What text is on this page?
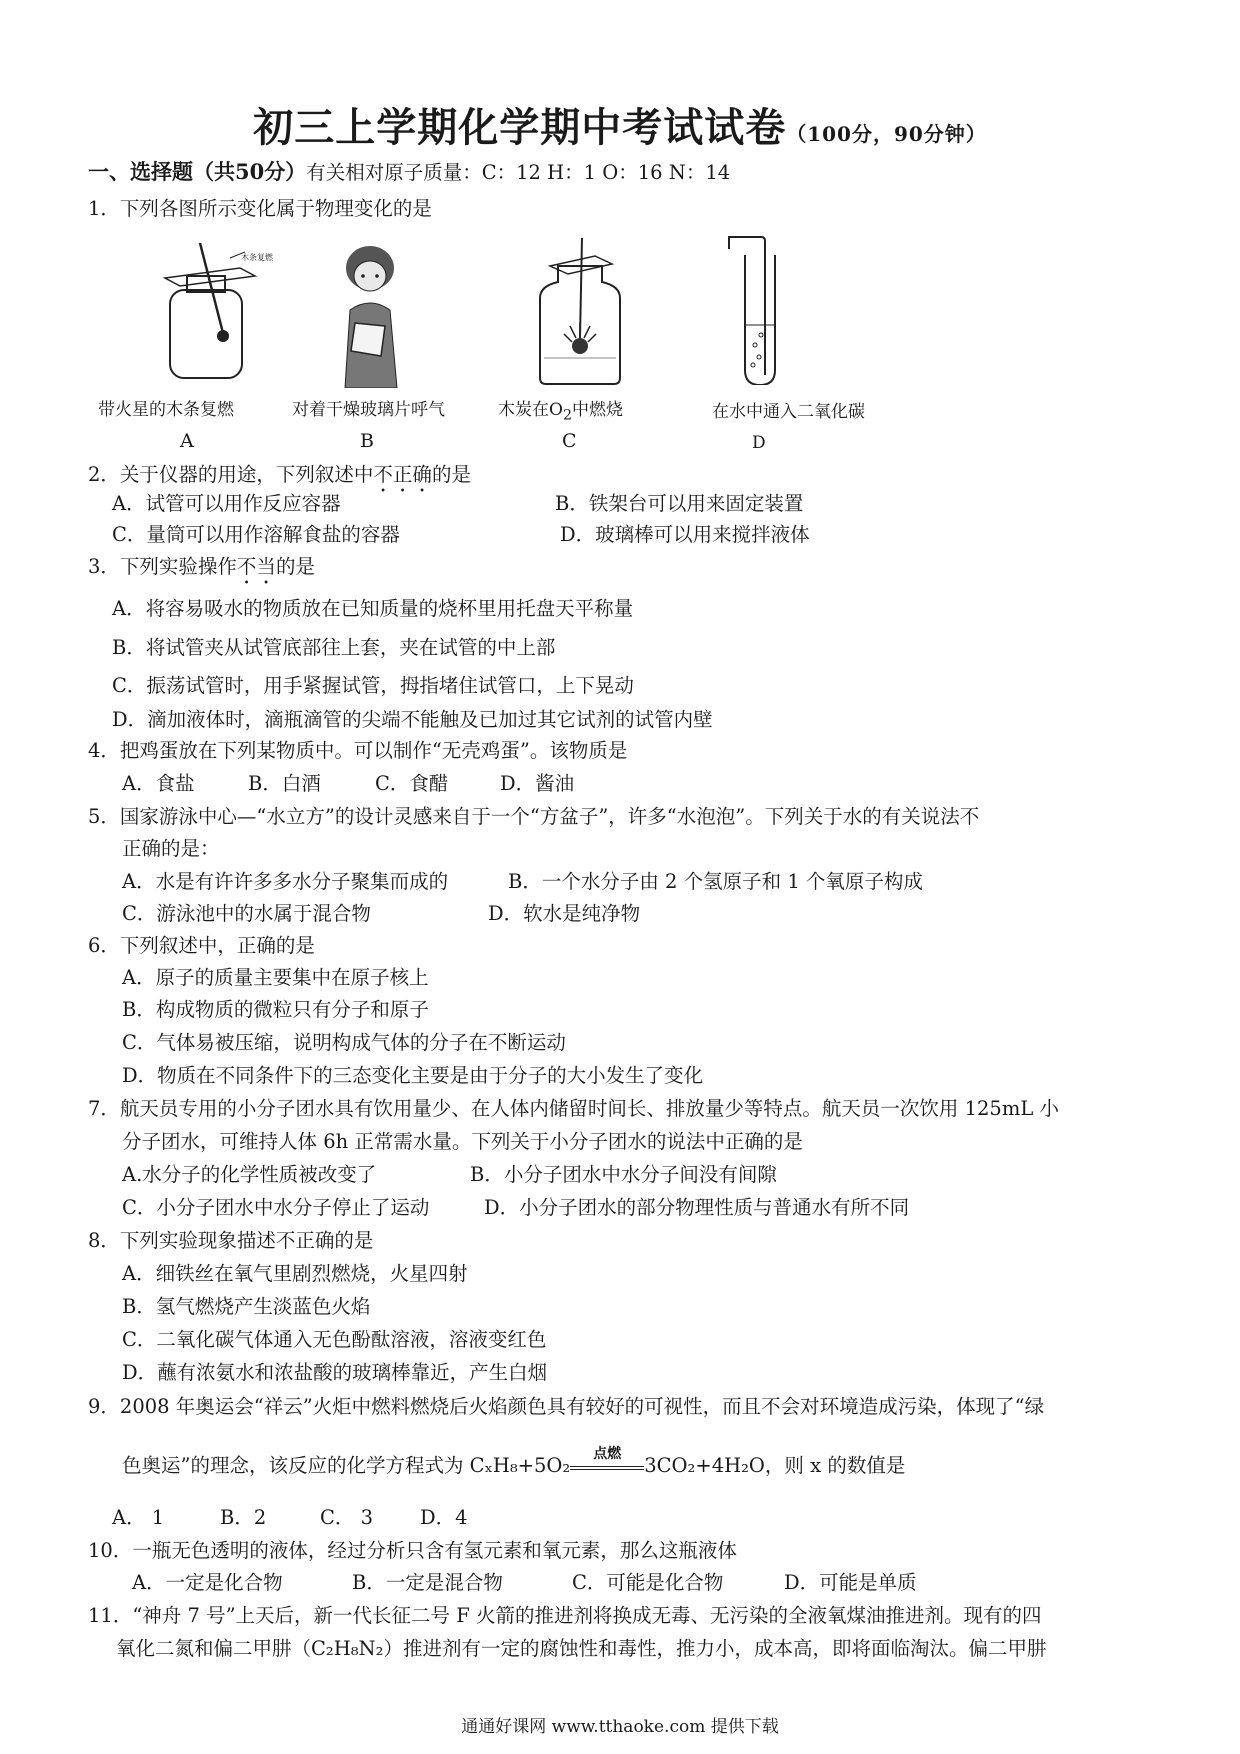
初三上学期化学期中考试试卷（100分，90分钟）
一、选择题（共50分）有关相对原子质量：C：12 H：1 O：16 N：14
1．下列各图所示变化属于物理变化的是
木条复燃
带火星的木条复燃
A
对着干燥玻璃片呼气
B
木炭在$O_2$中燃烧
C
在水中通入二氧化碳
D
2．关于仪器的用途，下列叙述中不正确的是
A．试管可以用作反应容器	B．铁架台可以用来固定装置
C．量筒可以用作溶解食盐的容器	D．玻璃棒可以用来搅拌液体
3．下列实验操作不当的是
A．将容易吸水的物质放在已知质量的烧杯里用托盘天平称量
B．将试管夹从试管底部往上套，夹在试管的中上部
C．振荡试管时，用手紧握试管，拇指堵住试管口，上下晃动
D．滴加液体时，滴瓶滴管的尖端不能触及已加过其它试剂的试管内壁
4．把鸡蛋放在下列某物质中。可以制作“无壳鸡蛋”。该物质是
A．食盐	B．白酒	C．食醋	D．酱油
5．国家游泳中心—“水立方”的设计灵感来自于一个“方盆子”，许多“水泡泡”。下列关于水的有关说法不
正确的是：
A．水是有许许多多水分子聚集而成的	B．一个水分子由 2 个氢原子和 1 个氧原子构成
C．游泳池中的水属于混合物	D．软水是纯净物
6．下列叙述中，正确的是
A．原子的质量主要集中在原子核上
B．构成物质的微粒只有分子和原子
C．气体易被压缩，说明构成气体的分子在不断运动
D．物质在不同条件下的三态变化主要是由于分子的大小发生了变化
7．航天员专用的小分子团水具有饮用量少、在人体内储留时间长、排放量少等特点。航天员一次饮用 125mL 小
分子团水，可维持人体 6h 正常需水量。下列关于小分子团水的说法中正确的是
A.水分子的化学性质被改变了	B．小分子团水中水分子间没有间隙
C．小分子团水中水分子停止了运动	D．小分子团水的部分物理性质与普通水有所不同
8．下列实验现象描述不正确的是
A．细铁丝在氧气里剧烈燃烧，火星四射
B．氢气燃烧产生淡蓝色火焰
C．二氧化碳气体通入无色酚酞溶液，溶液变红色
D．蘸有浓氨水和浓盐酸的玻璃棒靠近，产生白烟
9．2008 年奥运会“祥云”火炬中燃料燃烧后火焰颜色具有较好的可视性，而且不会对环境造成污染，体现了“绿
色奥运”的理念，该反应的化学方程式为 CₓH₈+5O₂
点燃
3CO₂+4H₂O，则 x 的数值是
A． 1	B．2	C． 3 D．4
10．一瓶无色透明的液体，经过分析只含有氢元素和氧元素，那么这瓶液体
A．一定是化合物	B．一定是混合物	C．可能是化合物	D．可能是单质
11．“神舟 7 号”上天后，新一代长征二号 F 火箭的推进剂将换成无毒、无污染的全液氧煤油推进剂。现有的四
氧化二氮和偏二甲肼（C₂H₈N₂）推进剂有一定的腐蚀性和毒性，推力小，成本高，即将面临淘汰。偏二甲肼
通通好课网 www.tthaoke.com 提供下载
